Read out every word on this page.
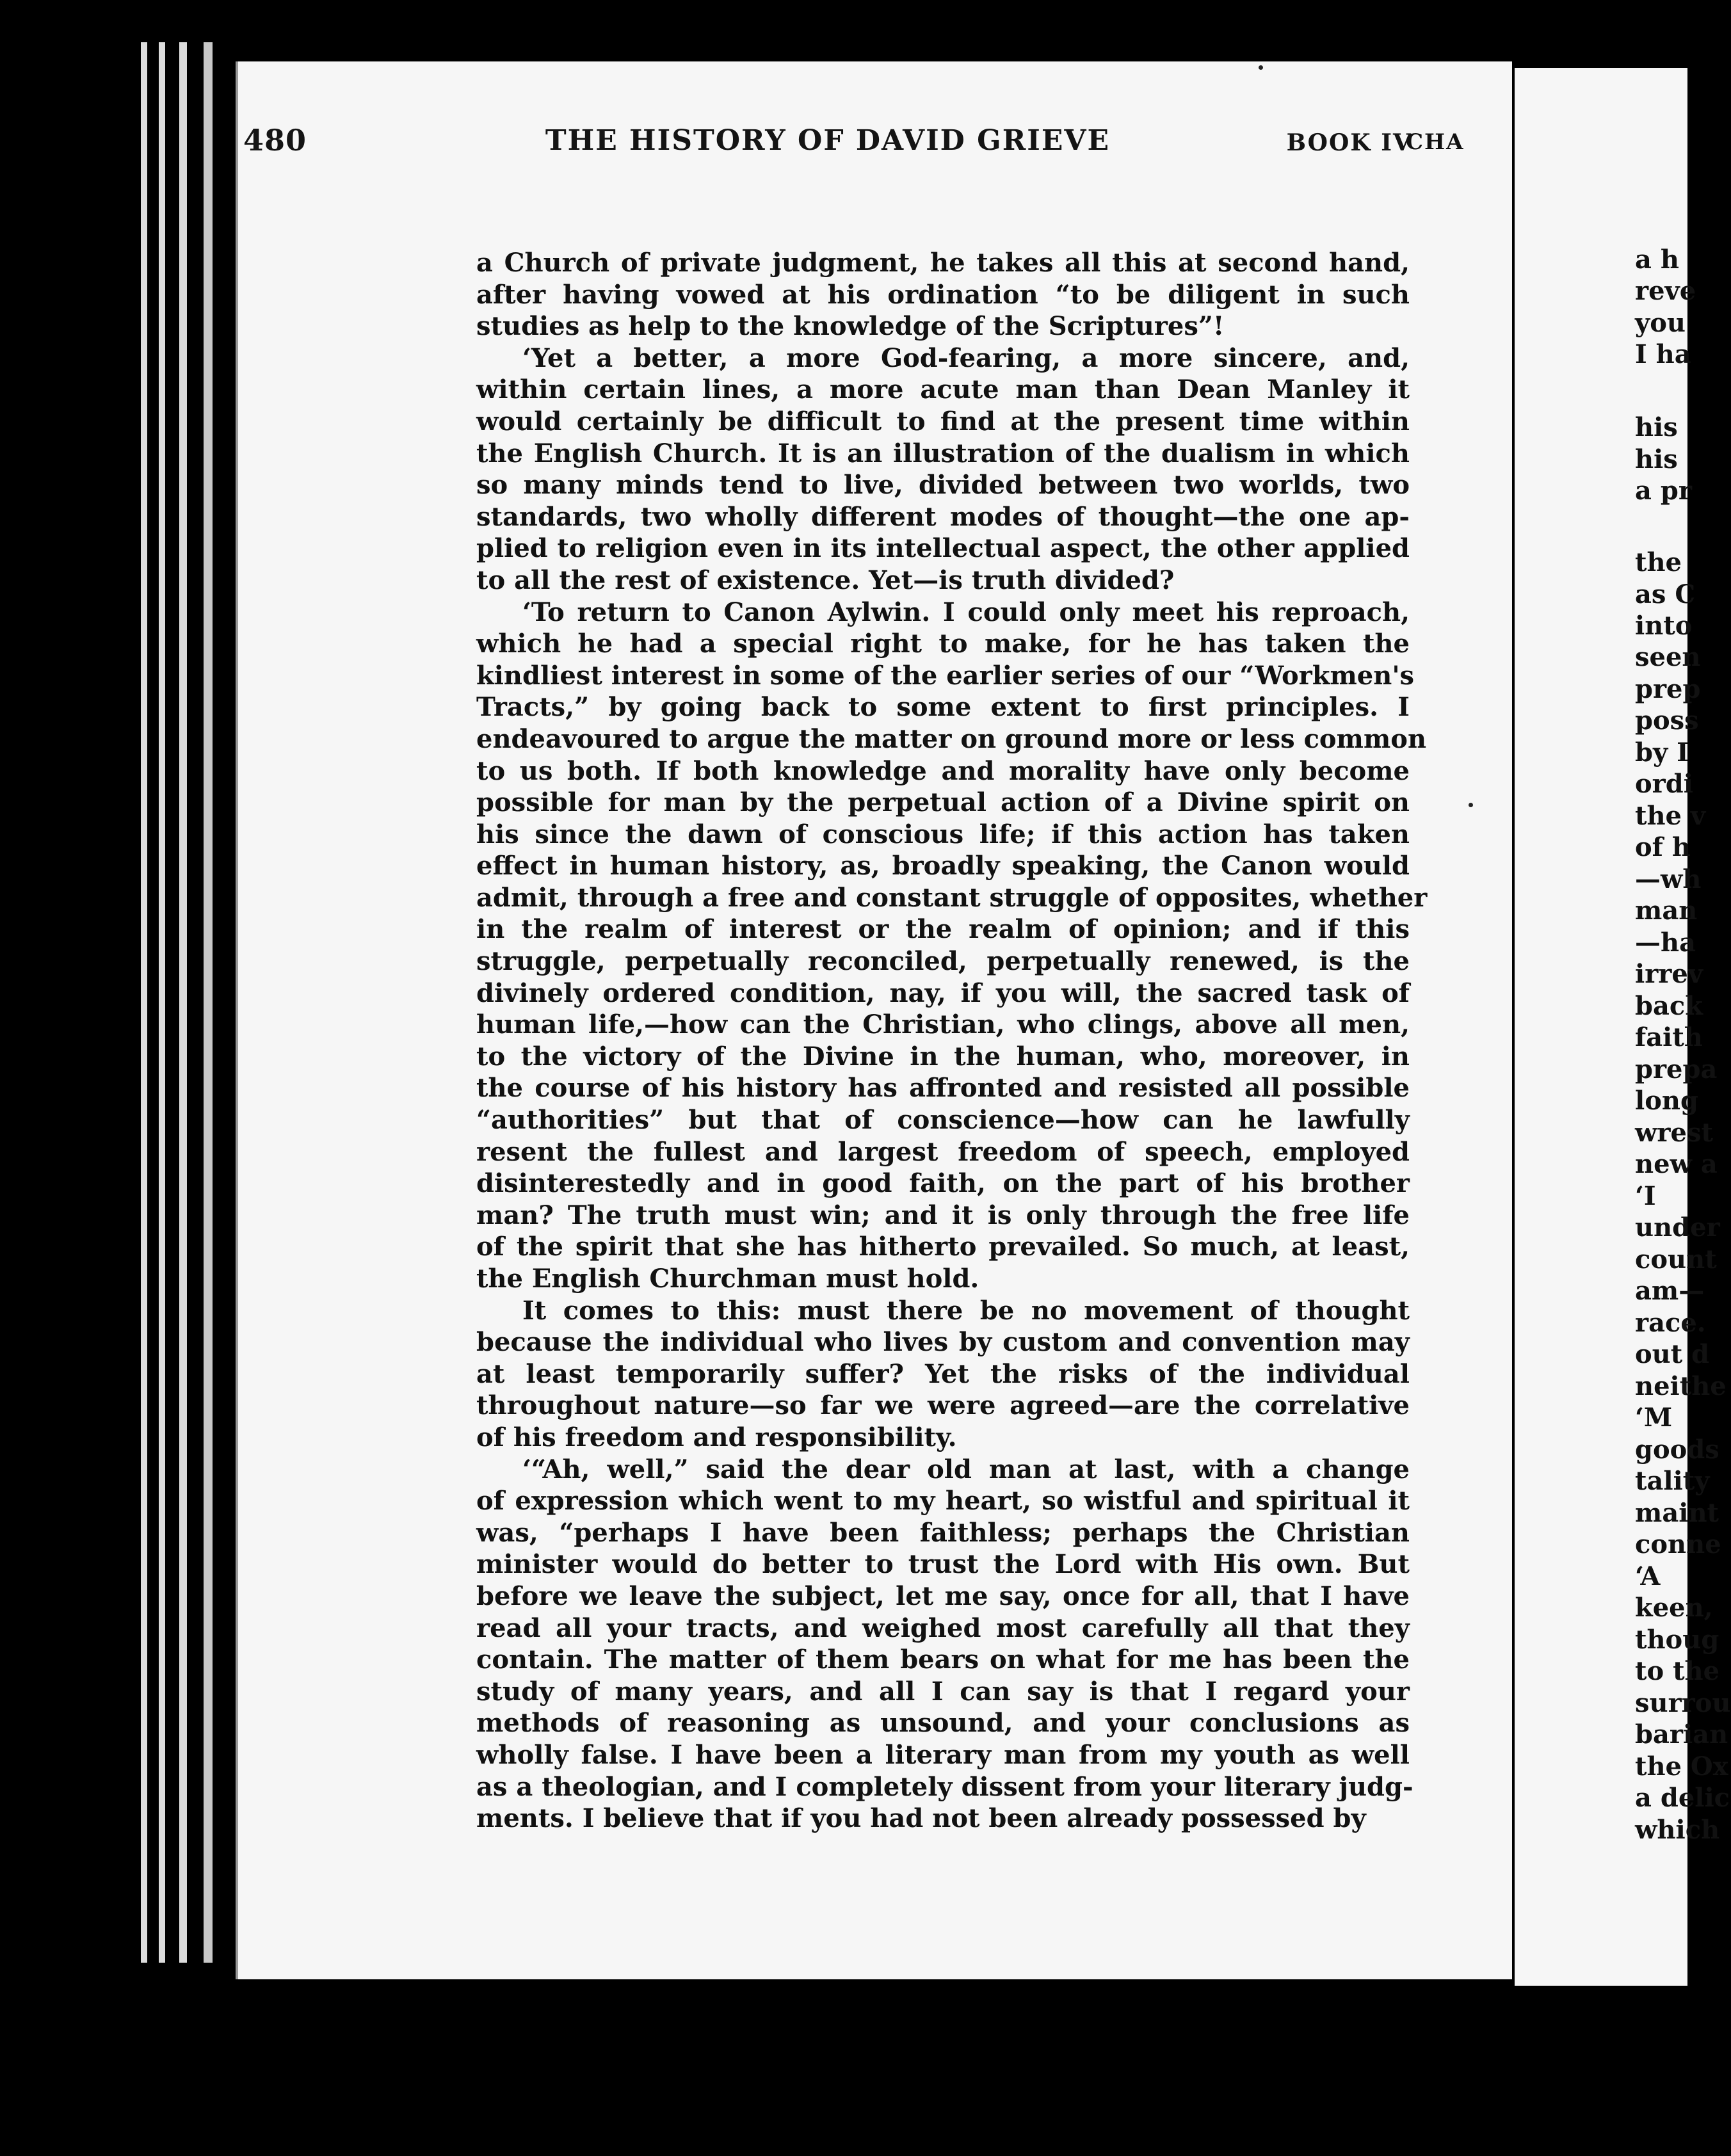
480	THE HISTORY OF DAVID GRIEVE	BOOK IV
a Church of private judgment, he takes all this at second hand,
after having vowed at his ordination “to be diligent in such
studies as help to the knowledge of the Scriptures”!
‘Yet a better, a more God-fearing, a more sincere, and,
within certain lines, a more acute man than Dean Manley it
would certainly be difficult to find at the present time within
the English Church. It is an illustration of the dualism in which
so many minds tend to live, divided between two worlds, two
standards, two wholly different modes of thought—the one ap-
plied to religion even in its intellectual aspect, the other applied
to all the rest of existence. Yet—is truth divided?
‘To return to Canon Aylwin. I could only meet his reproach,
which he had a special right to make, for he has taken the
kindliest interest in some of the earlier series of our “Workmen's
Tracts,” by going back to some extent to first principles. I
endeavoured to argue the matter on ground more or less common
to us both. If both knowledge and morality have only become
possible for man by the perpetual action of a Divine spirit on
his since the dawn of conscious life; if this action has taken
effect in human history, as, broadly speaking, the Canon would
admit, through a free and constant struggle of opposites, whether
in the realm of interest or the realm of opinion; and if this
struggle, perpetually reconciled, perpetually renewed, is the
divinely ordered condition, nay, if you will, the sacred task of
human life,—how can the Christian, who clings, above all men,
to the victory of the Divine in the human, who, moreover, in
the course of his history has affronted and resisted all possible
“authorities” but that of conscience—how can he lawfully
resent the fullest and largest freedom of speech, employed
disinterestedly and in good faith, on the part of his brother
man? The truth must win; and it is only through the free life
of the spirit that she has hitherto prevailed. So much, at least,
the English Churchman must hold.
It comes to this: must there be no movement of thought
because the individual who lives by custom and convention may
at least temporarily suffer? Yet the risks of the individual
throughout nature—so far we were agreed—are the correlative
of his freedom and responsibility.
‘“Ah, well,” said the dear old man at last, with a change
of expression which went to my heart, so wistful and spiritual it
was, “perhaps I have been faithless; perhaps the Christian
minister would do better to trust the Lord with His own. But
before we leave the subject, let me say, once for all, that I have
read all your tracts, and weighed most carefully all that they
contain. The matter of them bears on what for me has been the
study of many years, and all I can say is that I regard your
methods of reasoning as unsound, and your conclusions as
wholly false. I have been a literary man from my youth as well
as a theologian, and I completely dissent from your literary judg-
ments. I believe that if you had not been already possessed by
CHA
a h
reve
you
I ha
his
his
a pr
the
as C
into
seen
prep
poss
by I
ordi
the v
of h
—wh
man
—ha
irrev
back
faith
prepa
long
wrest
new a
‘I
under
count
am—
race.
out d
neithe
‘M
goods
tality
maint
conne
‘A
keen,
thoug
to the
surrou
barian
the Ox
a delic
which
